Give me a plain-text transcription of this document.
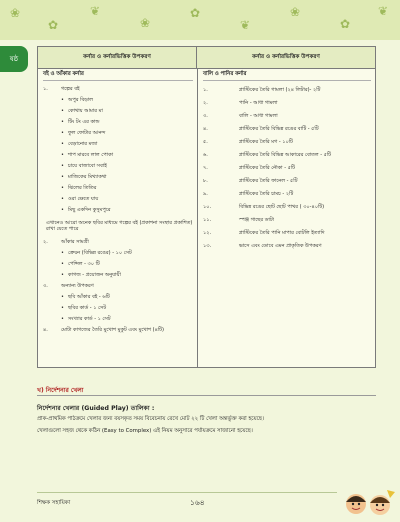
❀
✿
❦
❀
✿
❦
❀
✿
❦
ষষ্ঠ	কর্নার ও কর্নারভিত্তিক উপকরণ	কর্নার ও কর্নারভিত্তিক উপকরণ
বই ও আঁকার কর্নার
১.	গল্পের বই
• অপুর বিড়াল
• কোথায় আমার মা
• টিং টং এর কান্ড
• ফুল ফোটার আনন্দ
• বেড়ানোর মজা
• শাপ মারবে লাল পোকা
• চায়ে বাজাবো সবাই
• মাজিকের মিথ্যাকথা
• ঝিলের তিতির
• ওরা ক্ষেতে যায়
• মিছু একদিন কুসুমপুরে
এখানেও আরো অনেক ছবির মাধ্যমে গল্পের বই (প্রকাশনা সংস্থার প্রকাশিত) রাখা যেতে পারে
২.	আঁকার সামগ্রী
• ক্রেয়ন (বিভিন্ন রঙের) - ১০ সেট
• পেন্সিল - ৩০ টি
• কাগজ - প্রয়োজন অনুযায়ী
৩.	অন্যান্য উপকরণ
• ছবি আঁকার বই - ৬টি
• ছবির কার্ড - ১ সেট
• সংখ্যার কার্ড - ১ সেট
৪.	মোটা কাগজের তৈরি মুখোশ মুকুট এবং মুখোশ (৪টি)
বালি ও পানির কর্নার
১.	প্লাস্টিকের তৈরি গামলা (২৪ লিটার)- ২টি
২.	পানি - আধা গামলা
৩.	বালি - আধা গামলা
৪.	প্লাস্টিকের তৈরি বিভিন্ন রঙের বাটি - ৫টি
৫.	প্লাস্টিকের তৈরি মগ - ১০টি
৬.	প্লাস্টিকের তৈরি বিভিন্ন আকারের বোতল - ৫টি
৭.	প্লাস্টিকের তৈরি নৌকা - ৫টি
৮.	প্লাস্টিকের তৈরি ফানেল - ৫টি
৯.	প্লাস্টিকের তৈরি চামচ - ২টি
১০.	বিভিন্ন রঙের ছোট ছোট পাথর ( ৩০-৪০টি)
১১.	স্পঞ্জ গাছের ডাটা
১২.	প্লাস্টিকের তৈরি পানি মাপার বোটলি ইত্যাদি
১৩.	ভাসে এবং ডোবে এমন প্রাকৃতিক উপকরণ
খ) নির্দেশনার খেলা
নির্দেশনার খেলার (Guided Play) তালিকা :
প্রাক-প্রাথমিক পাঠক্রমে খেলার জন্য বয়সকৃত সময় বিবেচনায় রেখে মোট ২২ টি খেলা অন্তর্ভুক্ত করা হয়েছে।
খেলাগুলো সহজ থেকে কঠিন (Easy to Complex) এই নিয়ম অনুসারে পর্যায়ক্রমে সাজানো হয়েছে।
শিক্ষক সহায়িকা	১৬৪
